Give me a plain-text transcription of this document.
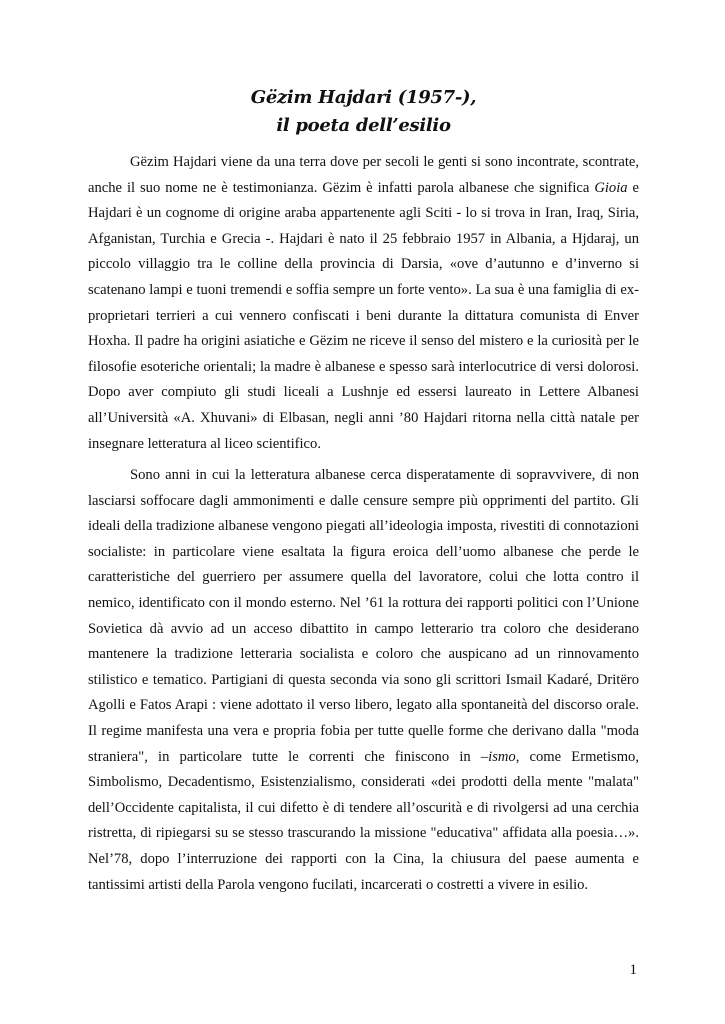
Gëzim Hajdari (1957-),
il poeta dell’esilio

Gëzim Hajdari viene da una terra dove per secoli le genti si sono incontrate, scontrate, anche il suo nome ne è testimonianza. Gëzim è infatti parola albanese che significa Gioia e Hajdari è un cognome di origine araba appartenente agli Sciti - lo si trova in Iran, Iraq, Siria, Afganistan, Turchia e Grecia -. Hajdari è nato il 25 febbraio 1957 in Albania, a Hjdaraj, un piccolo villaggio tra le colline della provincia di Darsia, «ove d’autunno e d’inverno si scatenano lampi e tuoni tremendi e soffia sempre un forte vento». La sua è una famiglia di ex-proprietari terrieri a cui vennero confiscati i beni durante la dittatura comunista di Enver Hoxha. Il padre ha origini asiatiche e Gëzim ne riceve il senso del mistero e la curiosità per le filosofie esoteriche orientali; la madre è albanese e spesso sarà interlocutrice di versi dolorosi. Dopo aver compiuto gli studi liceali a Lushnje ed essersi laureato in Lettere Albanesi all’Università «A. Xhuvani» di Elbasan, negli anni ’80 Hajdari ritorna nella città natale per insegnare letteratura al liceo scientifico.

Sono anni in cui la letteratura albanese cerca disperatamente di sopravvivere, di non lasciarsi soffocare dagli ammonimenti e dalle censure sempre più opprimenti del partito. Gli ideali della tradizione albanese vengono piegati all’ideologia imposta, rivestiti di connotazioni socialiste: in particolare viene esaltata la figura eroica dell’uomo albanese che perde le caratteristiche del guerriero per assumere quella del lavoratore, colui che lotta contro il nemico, identificato con il mondo esterno. Nel ’61 la rottura dei rapporti politici con l’Unione Sovietica dà avvio ad un acceso dibattito in campo letterario tra coloro che desiderano mantenere la tradizione letteraria socialista e coloro che auspicano ad un rinnovamento stilistico e tematico. Partigiani di questa seconda via sono gli scrittori Ismail Kadaré, Dritëro Agolli e Fatos Arapi : viene adottato il verso libero, legato alla spontaneità del discorso orale. Il regime manifesta una vera e propria fobia per tutte quelle forme che derivano dalla "moda straniera", in particolare tutte le correnti che finiscono in –ismo, come Ermetismo, Simbolismo, Decadentismo, Esistenzialismo, considerati «dei prodotti della mente "malata" dell’Occidente capitalista, il cui difetto è di tendere all’oscurità e di rivolgersi ad una cerchia ristretta, di ripiegarsi su se stesso trascurando la missione "educativa" affidata alla poesia…». Nel’78, dopo l’interruzione dei rapporti con la Cina, la chiusura del paese aumenta e tantissimi artisti della Parola vengono fucilati, incarcerati o costretti a vivere in esilio.

1
